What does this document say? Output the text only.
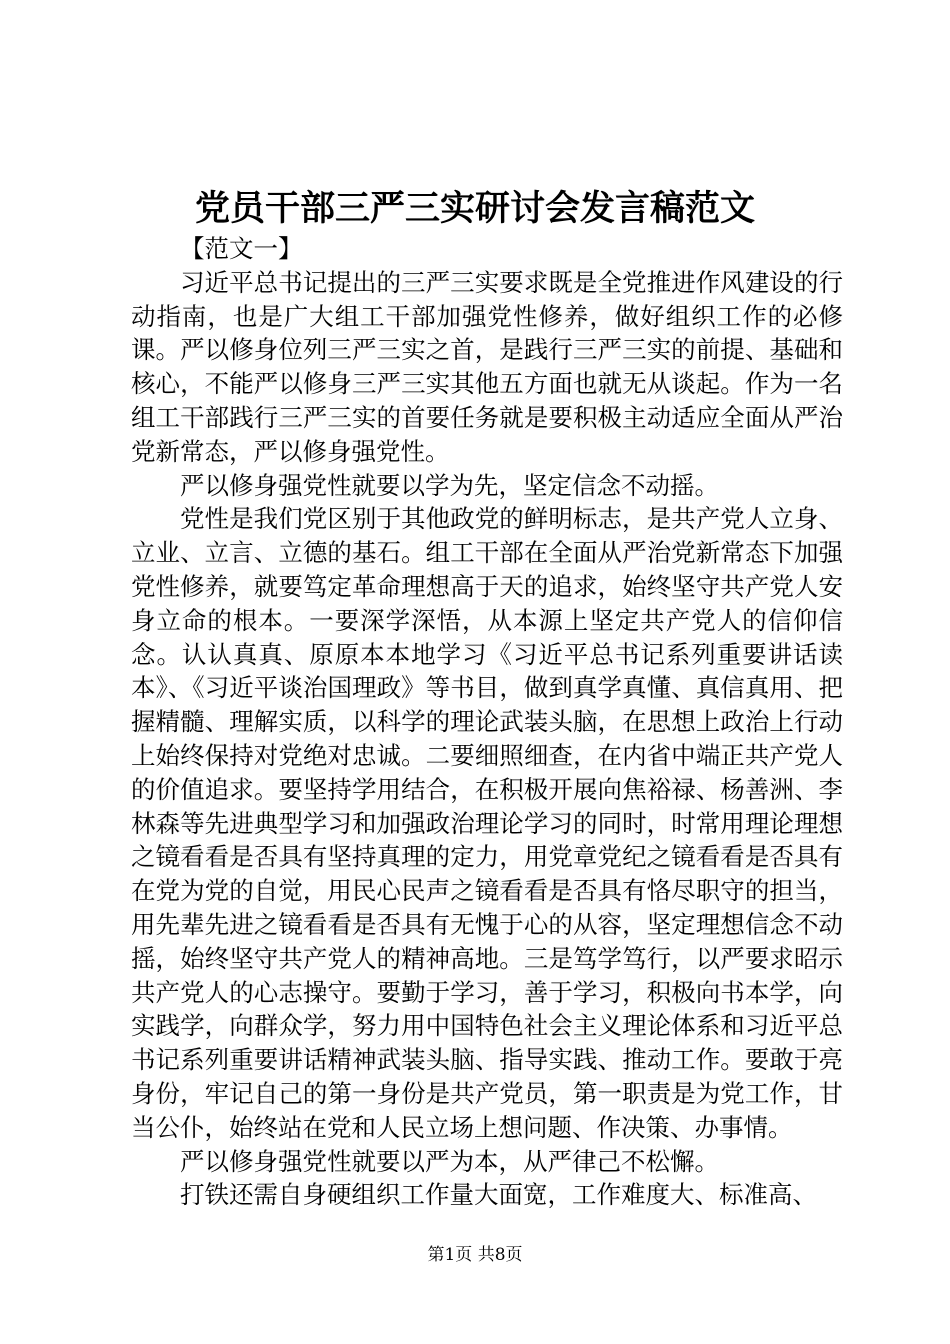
党员干部三严三实研讨会发言稿范文

【范文一】

习近平总书记提出的三严三实要求既是全党推进作风建设的行动指南，也是广大组工干部加强党性修养，做好组织工作的必修课。严以修身位列三严三实之首，是践行三严三实的前提、基础和核心，不能严以修身三严三实其他五方面也就无从谈起。作为一名组工干部践行三严三实的首要任务就是要积极主动适应全面从严治党新常态，严以修身强党性。

严以修身强党性就要以学为先，坚定信念不动摇。

党性是我们党区别于其他政党的鲜明标志，是共产党人立身、立业、立言、立德的基石。组工干部在全面从严治党新常态下加强党性修养，就要笃定革命理想高于天的追求，始终坚守共产党人安身立命的根本。一要深学深悟，从本源上坚定共产党人的信仰信念。认认真真、原原本本地学习《习近平总书记系列重要讲话读本》、《习近平谈治国理政》等书目，做到真学真懂、真信真用、把握精髓、理解实质，以科学的理论武装头脑，在思想上政治上行动上始终保持对党绝对忠诚。二要细照细查，在内省中端正共产党人的价值追求。要坚持学用结合，在积极开展向焦裕禄、杨善洲、李林森等先进典型学习和加强政治理论学习的同时，时常用理论理想之镜看看是否具有坚持真理的定力，用党章党纪之镜看看是否具有在党为党的自觉，用民心民声之镜看看是否具有恪尽职守的担当，用先辈先进之镜看看是否具有无愧于心的从容，坚定理想信念不动摇，始终坚守共产党人的精神高地。三是笃学笃行，以严要求昭示共产党人的心志操守。要勤于学习，善于学习，积极向书本学，向实践学，向群众学，努力用中国特色社会主义理论体系和习近平总书记系列重要讲话精神武装头脑、指导实践、推动工作。要敢于亮身份，牢记自己的第一身份是共产党员，第一职责是为党工作，甘当公仆，始终站在党和人民立场上想问题、作决策、办事情。

严以修身强党性就要以严为本，从严律己不松懈。

打铁还需自身硬组织工作量大面宽，工作难度大、标准高、

第1页 共8页
